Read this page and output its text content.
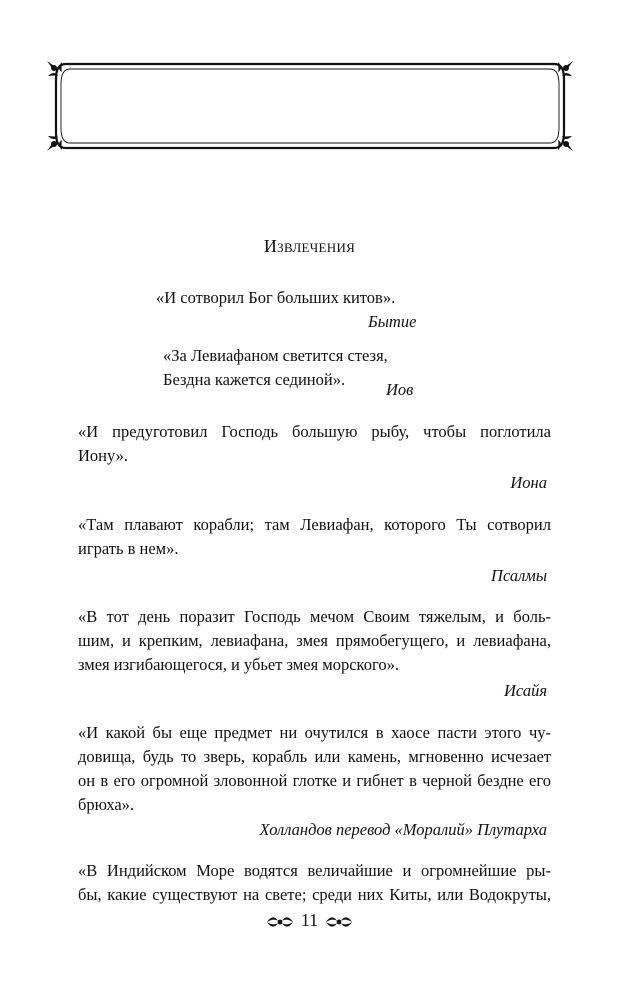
Извлечения
«И сотворил Бог больших китов».
Бытие
«За Левиафаном светится стезя,
Бездна кажется сединой».
Иов
«И предуготовил Господь большую рыбу, чтобы поглотила
Иону».
Иона
«Там плавают корабли; там Левиафан, которого Ты сотворил
играть в нем».
Псалмы
«В тот день поразит Господь мечом Своим тяжелым, и боль-
шим, и крепким, левиафана, змея прямобегущего, и левиафана,
змея изгибающегося, и убьет змея морского».
Исайя
«И какой бы еще предмет ни очутился в хаосе пасти этого чу-
довища, будь то зверь, корабль или камень, мгновенно исчезает
он в его огромной зловонной глотке и гибнет в черной бездне его
брюха».
Холландов перевод «Моралий» Плутарха
«В Индийском Море водятся величайшие и огромнейшие ры-
бы, какие существуют на свете; среди них Киты, или Водокруты,
11
